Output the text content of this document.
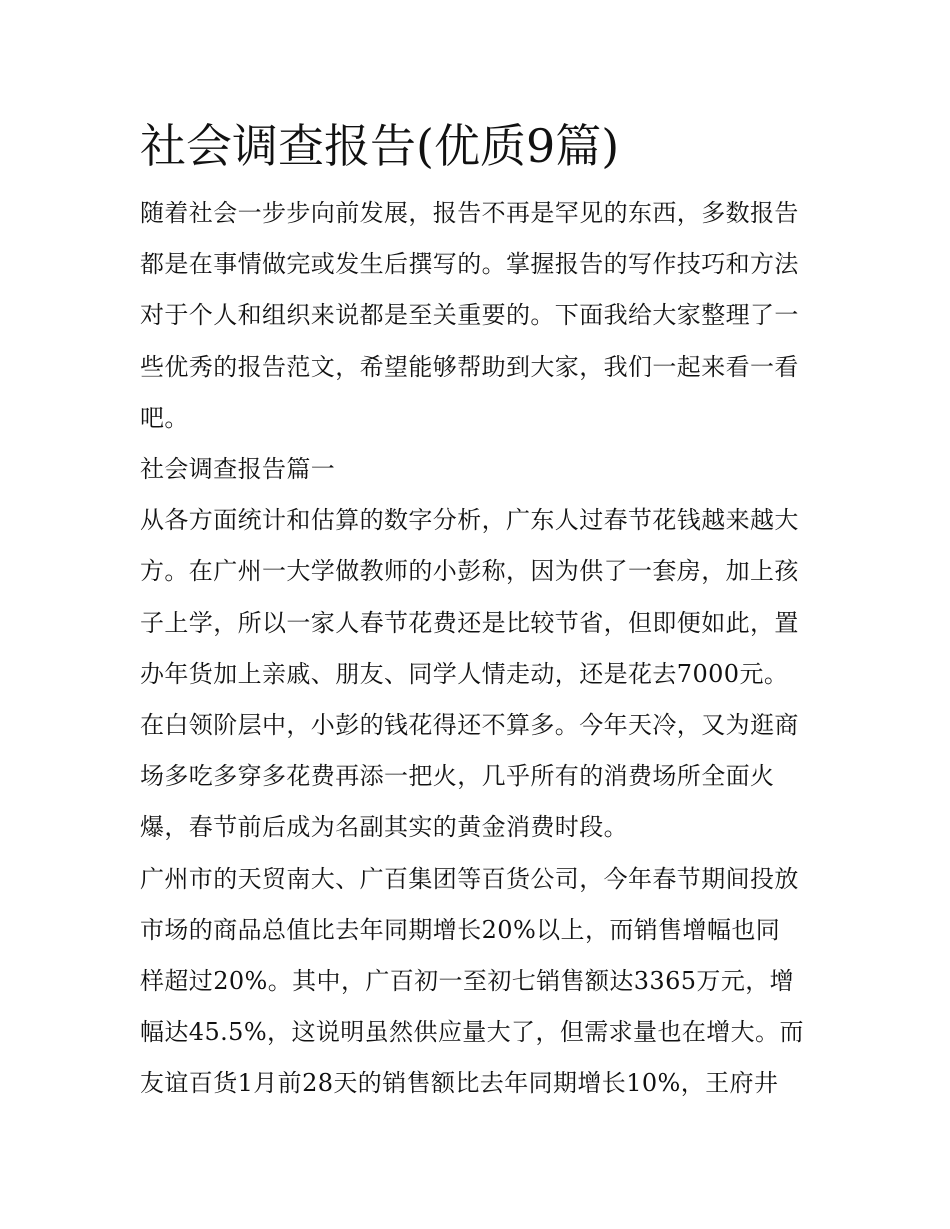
社会调查报告(优质9篇)

随着社会一步步向前发展，报告不再是罕见的东西，多数报告
都是在事情做完或发生后撰写的。掌握报告的写作技巧和方法
对于个人和组织来说都是至关重要的。下面我给大家整理了一
些优秀的报告范文，希望能够帮助到大家，我们一起来看一看
吧。

社会调查报告篇一

从各方面统计和估算的数字分析，广东人过春节花钱越来越大
方。在广州一大学做教师的小彭称，因为供了一套房，加上孩
子上学，所以一家人春节花费还是比较节省，但即便如此，置
办年货加上亲戚、朋友、同学人情走动，还是花去7000元。
在白领阶层中，小彭的钱花得还不算多。今年天冷，又为逛商
场多吃多穿多花费再添一把火，几乎所有的消费场所全面火
爆，春节前后成为名副其实的黄金消费时段。

广州市的天贸南大、广百集团等百货公司，今年春节期间投放
市场的商品总值比去年同期增长20%以上，而销售增幅也同
样超过20%。其中，广百初一至初七销售额达3365万元，增
幅达45.5%，这说明虽然供应量大了，但需求量也在增大。而
友谊百货1月前28天的销售额比去年同期增长10%，王府井
